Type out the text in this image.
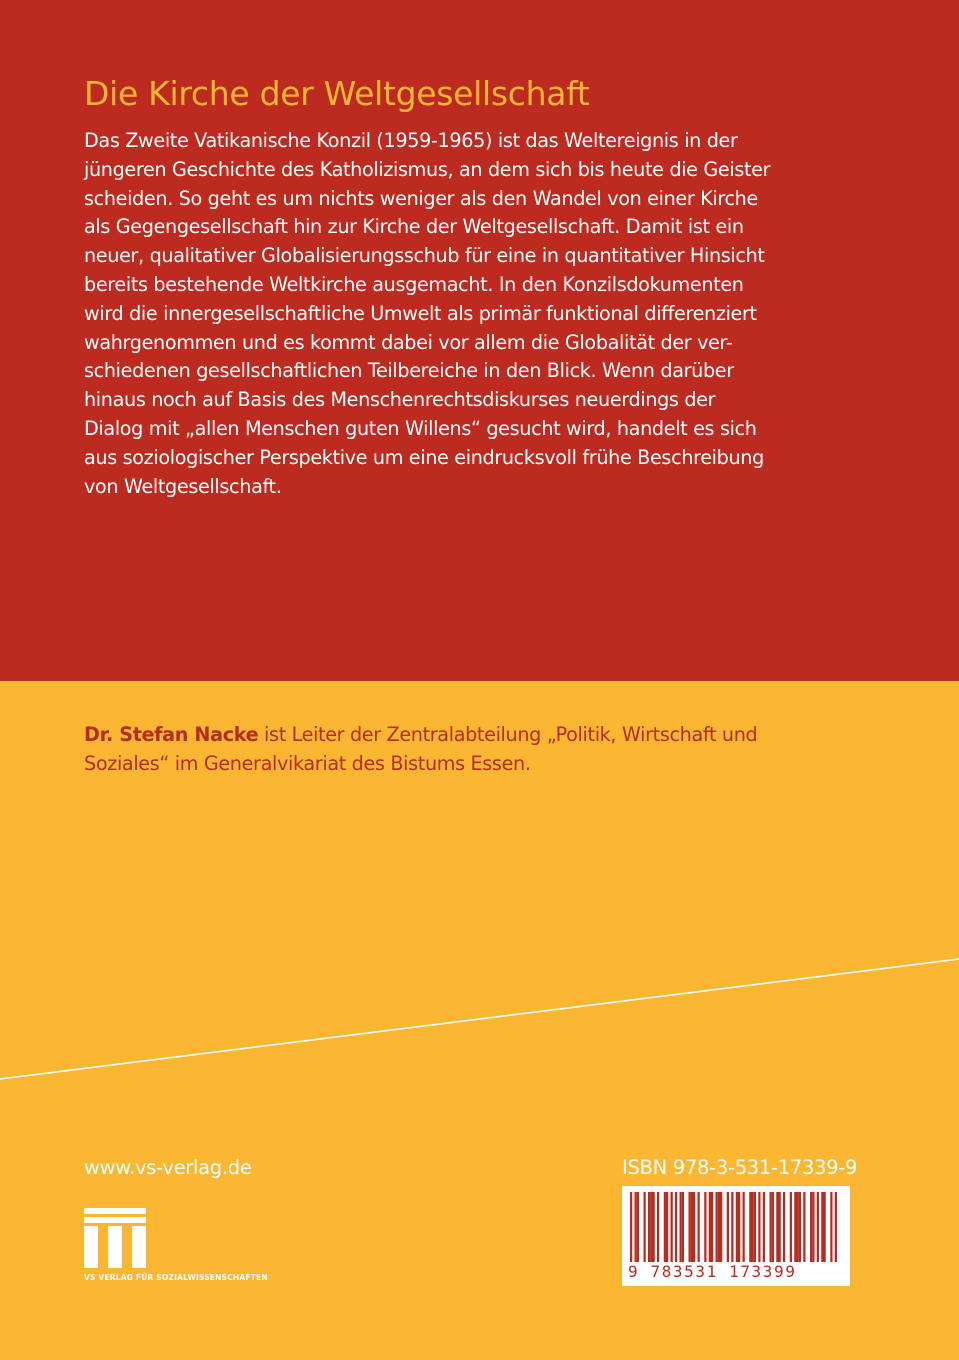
Die Kirche der Weltgesellschaft

Das Zweite Vatikanische Konzil (1959-1965) ist das Weltereignis in der
jüngeren Geschichte des Katholizismus, an dem sich bis heute die Geister
scheiden. So geht es um nichts weniger als den Wandel von einer Kirche
als Gegengesellschaft hin zur Kirche der Weltgesellschaft. Damit ist ein
neuer, qualitativer Globalisierungsschub für eine in quantitativer Hinsicht
bereits bestehende Weltkirche ausgemacht. In den Konzilsdokumenten
wird die innergesellschaftliche Umwelt als primär funktional differenziert
wahrgenommen und es kommt dabei vor allem die Globalität der ver-
schiedenen gesellschaftlichen Teilbereiche in den Blick. Wenn darüber
hinaus noch auf Basis des Menschenrechtsdiskurses neuerdings der
Dialog mit „allen Menschen guten Willens“ gesucht wird, handelt es sich
aus soziologischer Perspektive um eine eindrucksvoll frühe Beschreibung
von Weltgesellschaft.

Dr. Stefan Nacke ist Leiter der Zentralabteilung „Politik, Wirtschaft und
Soziales“ im Generalvikariat des Bistums Essen.

www.vs-verlag.de
VS VERLAG FÜR SOZIALWISSENSCHAFTEN
ISBN 978-3-531-17339-9
9 783531 173399
